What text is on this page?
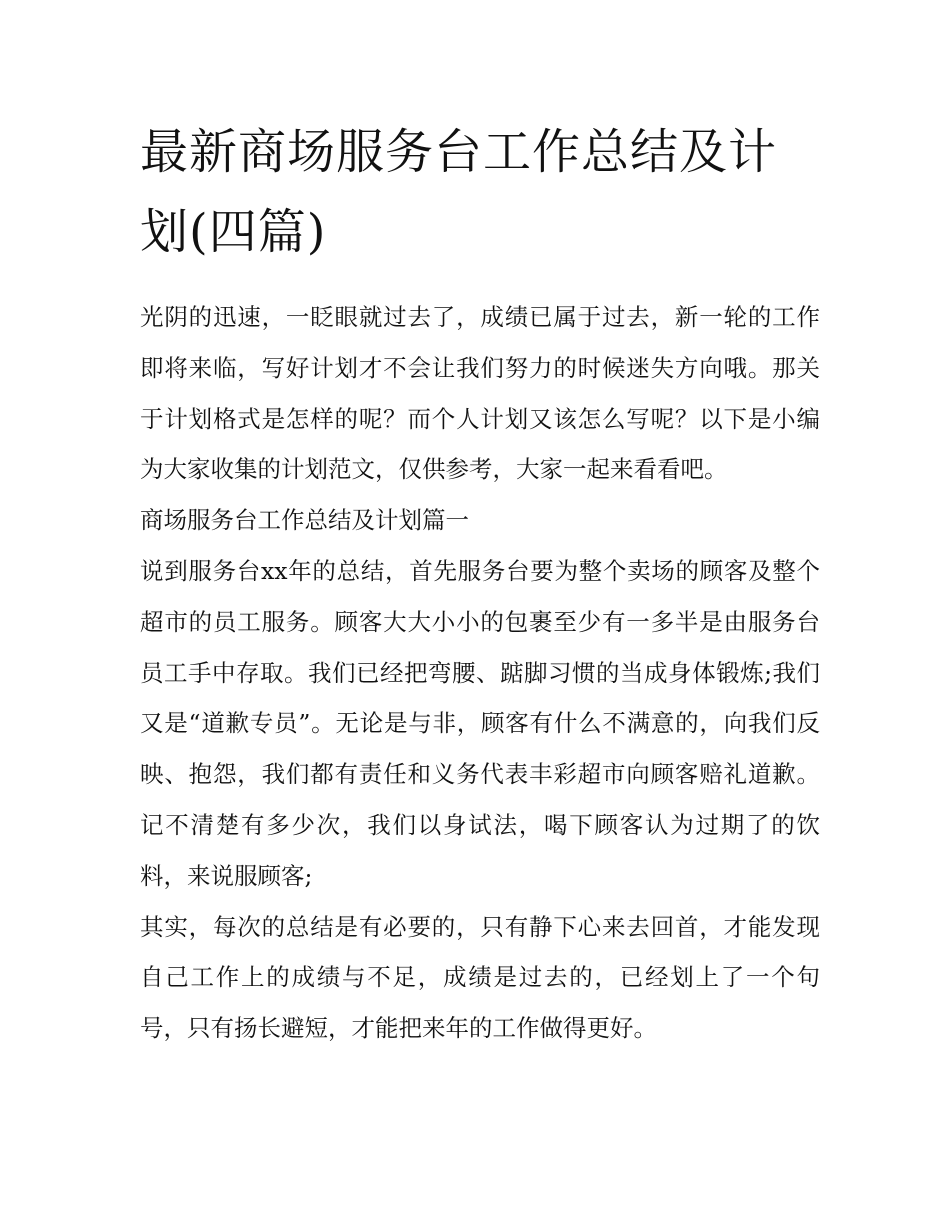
最新商场服务台工作总结及计划(四篇)

光阴的迅速，一眨眼就过去了，成绩已属于过去，新一轮的工作即将来临，写好计划才不会让我们努力的时候迷失方向哦。那关于计划格式是怎样的呢？而个人计划又该怎么写呢？以下是小编为大家收集的计划范文，仅供参考，大家一起来看看吧。

商场服务台工作总结及计划篇一

说到服务台xx年的总结，首先服务台要为整个卖场的顾客及整个超市的员工服务。顾客大大小小的包裹至少有一多半是由服务台员工手中存取。我们已经把弯腰、踮脚习惯的当成身体锻炼;我们又是“道歉专员”。无论是与非，顾客有什么不满意的，向我们反映、抱怨，我们都有责任和义务代表丰彩超市向顾客赔礼道歉。记不清楚有多少次，我们以身试法，喝下顾客认为过期了的饮料，来说服顾客;

其实，每次的总结是有必要的，只有静下心来去回首，才能发现自己工作上的成绩与不足，成绩是过去的，已经划上了一个句号，只有扬长避短，才能把来年的工作做得更好。
